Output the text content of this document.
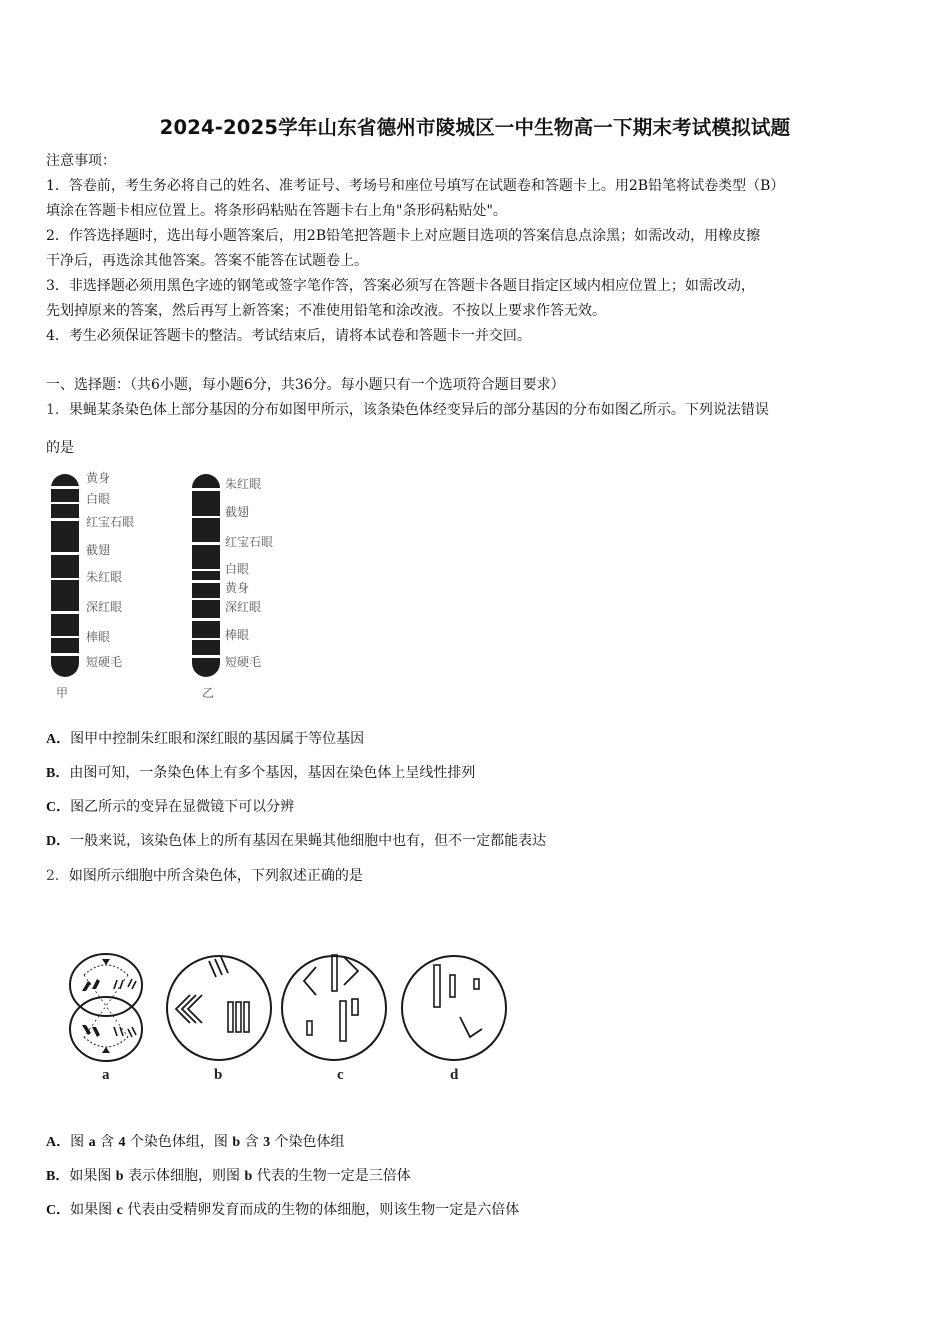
2024-2025学年山东省德州市陵城区一中生物高一下期末考试模拟试题
注意事项：
1．答卷前，考生务必将自己的姓名、准考证号、考场号和座位号填写在试题卷和答题卡上。用2B铅笔将试卷类型（B）
填涂在答题卡相应位置上。将条形码粘贴在答题卡右上角"条形码粘贴处"。
2．作答选择题时，选出每小题答案后，用2B铅笔把答题卡上对应题目选项的答案信息点涂黑；如需改动，用橡皮擦
干净后，再选涂其他答案。答案不能答在试题卷上。
3．非选择题必须用黑色字迹的钢笔或签字笔作答，答案必须写在答题卡各题目指定区域内相应位置上；如需改动，
先划掉原来的答案，然后再写上新答案；不准使用铅笔和涂改液。不按以上要求作答无效。
4．考生必须保证答题卡的整洁。考试结束后，请将本试卷和答题卡一并交回。
一、选择题：（共6小题，每小题6分，共36分。每小题只有一个选项符合题目要求）
1．果蝇某条染色体上部分基因的分布如图甲所示，该条染色体经变异后的部分基因的分布如图乙所示。下列说法错误
的是
黄身
白眼
红宝石眼
截翅
朱红眼
深红眼
棒眼
短硬毛
朱红眼
截翅
红宝石眼
白眼
黄身
深红眼
棒眼
短硬毛
甲	乙
A．图甲中控制朱红眼和深红眼的基因属于等位基因
B．由图可知，一条染色体上有多个基因，基因在染色体上呈线性排列
C．图乙所示的变异在显微镜下可以分辨
D．一般来说，该染色体上的所有基因在果蝇其他细胞中也有，但不一定都能表达
2．如图所示细胞中所含染色体，下列叙述正确的是
a	b	c	d
A．图 a 含 4 个染色体组，图 b 含 3 个染色体组
B．如果图 b 表示体细胞，则图 b 代表的生物一定是三倍体
C．如果图 c 代表由受精卵发育而成的生物的体细胞，则该生物一定是六倍体
